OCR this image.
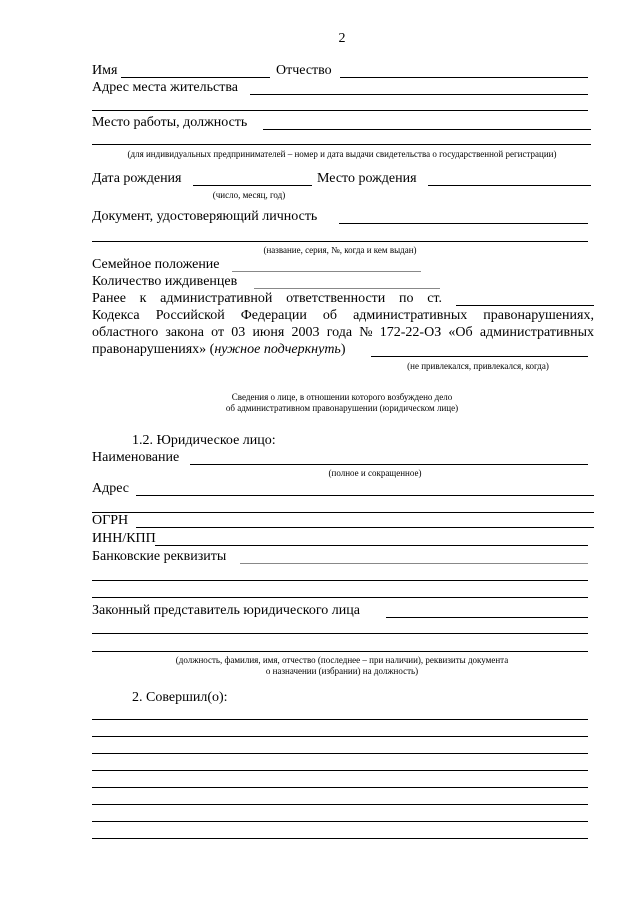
2
Имя	Отчество
Адрес места жительства
Место работы, должность
(для индивидуальных предпринимателей – номер и дата выдачи свидетельства о государственной регистрации)
Дата рождения	Место рождения
(число, месяц, год)
Документ, удостоверяющий личность
(название, серия, №, когда и кем выдан)
Семейное положение
Количество иждивенцев
Ранее к административной ответственности по ст.
Кодекса Российской Федерации об административных правонарушениях,
областного закона от 03 июня 2003 года № 172-22-ОЗ «Об административных
правонарушениях» (нужное подчеркнуть)
(не привлекался, привлекался, когда)
Сведения о лице, в отношении которого возбуждено дело
об административном правонарушении (юридическом лице)
1.2. Юридическое лицо:
Наименование
(полное и сокращенное)
Адрес
ОГРН
ИНН/КПП
Банковские реквизиты
Законный представитель юридического лица
(должность, фамилия, имя, отчество (последнее – при наличии), реквизиты документа
о назначении (избрании) на должность)
2. Совершил(о):
